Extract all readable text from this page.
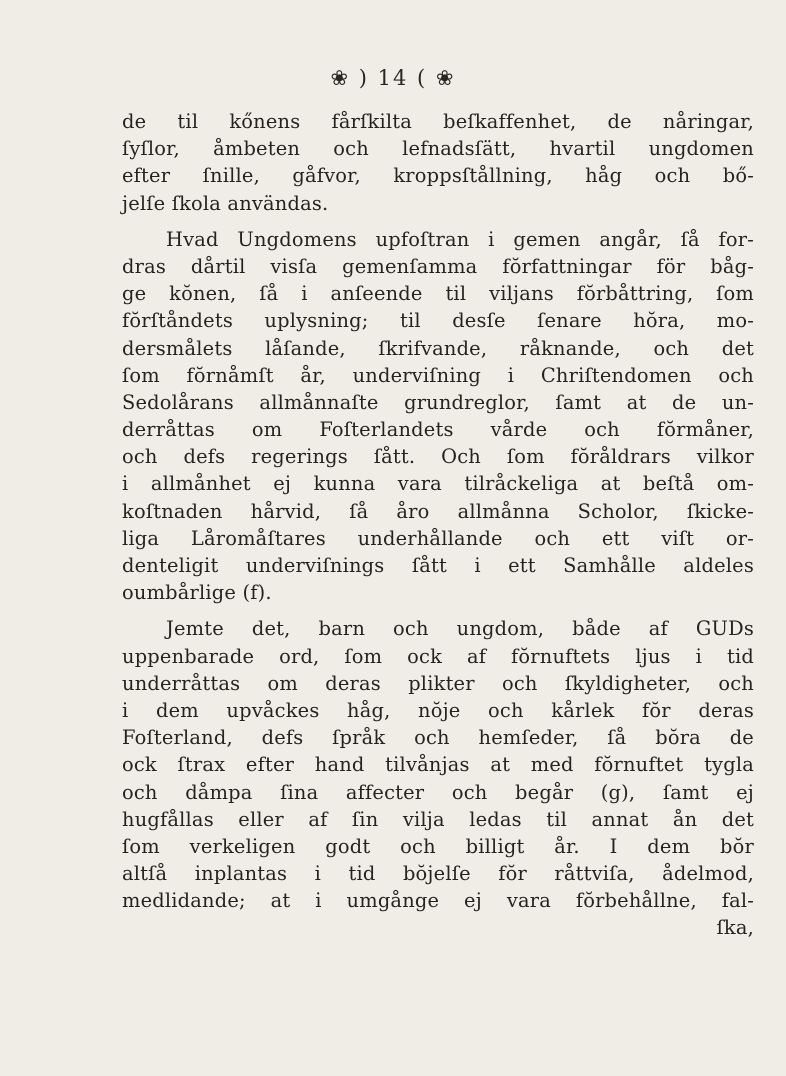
❀ ) 14 ( ❀
de til kőnens fårſkilta beſkaffenhet, de nåringar,
ſyſlor, åmbeten och lefnadsſätt, hvartil ungdomen
efter ſnille, gåfvor, kroppsſtållning, håg och bő-
jelſe ſkola användas.
Hvad Ungdomens upfoſtran i gemen angår, ſå for-
dras dårtil visſa gemenſamma fŏrfattningar för båg-
ge kŏnen, ſå i anſeende til viljans fŏrbåttring, ſom
fŏrſtåndets uplysning; til desſe ſenare hŏra, mo-
dersmålets låſande, ſkrifvande, råknande, och det
ſom fŏrnåmſt år, underviſning i Chriſtendomen och
Sedolårans allmånnaſte grundreglor, ſamt at de un-
derråttas om Foſterlandets vårde och fŏrmåner,
och defs regerings ſått. Och ſom fŏråldrars vilkor
i allmånhet ej kunna vara tilråckeliga at beſtå om-
koſtnaden hårvid, ſå åro allmånna Scholor, ſkicke-
liga Låromåſtares underhållande och ett viſt or-
denteligit underviſnings ſått i ett Samhålle aldeles
oumbårlige (f).
Jemte det, barn och ungdom, både af GUDs
uppenbarade ord, ſom ock af fŏrnuftets ljus i tid
underråttas om deras plikter och ſkyldigheter, och
i dem upvåckes håg, nŏje och kårlek fŏr deras
Foſterland, defs ſpråk och hemſeder, ſå bŏra de
ock ſtrax efter hand tilvånjas at med fŏrnuftet tygla
och dåmpa ſina affecter och begår (g), ſamt ej
hugfållas eller af ſin vilja ledas til annat ån det
ſom verkeligen godt och billigt år. I dem bŏr
altſå inplantas i tid bŏjelſe fŏr råttviſa, ådelmod,
medlidande; at i umgånge ej vara fŏrbehållne, fal-
ſka,
